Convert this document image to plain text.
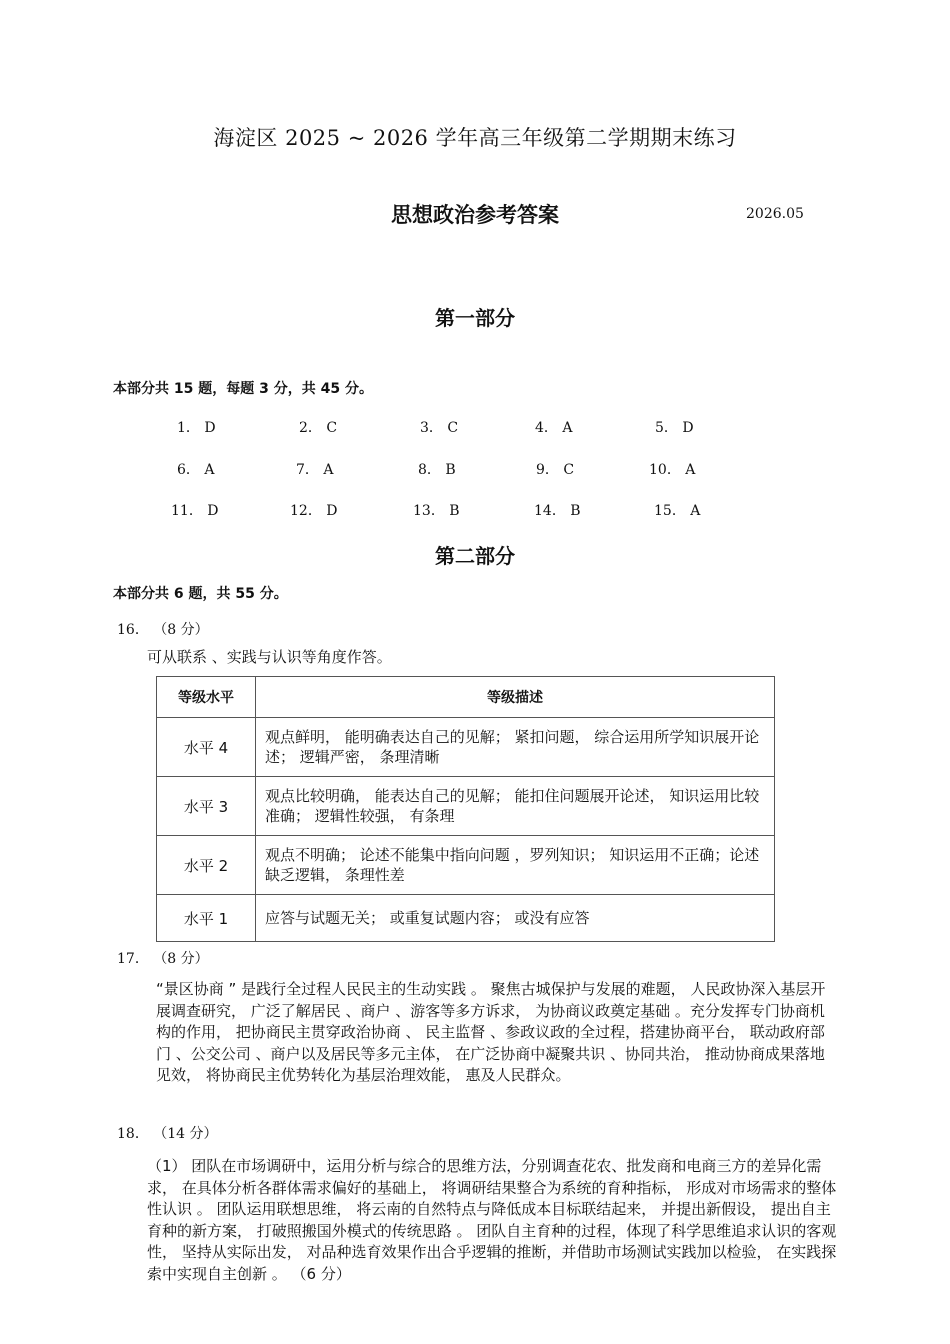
海淀区 2025 ~ 2026 学年高三年级第二学期期末练习
思想政治参考答案	2026.05
第一部分
本部分共 15 题，每题 3 分，共 45 分。
1． D	2． C	3． C	4． A	5． D
6． A	7． A	8． B	9． C	10． A
11． D	12． D	13． B	14． B	15． A
第二部分
本部分共 6 题，共 55 分。
16． （8 分）
可从联系 、实践与认识等角度作答。
等级水平	等级描述
水平 4	观点鲜明， 能明确表达自己的见解； 紧扣问题， 综合运用所学知识展开论述； 逻辑严密， 条理清晰
水平 3	观点比较明确， 能表达自己的见解； 能扣住问题展开论述， 知识运用比较准确； 逻辑性较强， 有条理
水平 2	观点不明确； 论述不能集中指向问题 ，罗列知识； 知识运用不正确；论述缺乏逻辑， 条理性差
水平 1	应答与试题无关； 或重复试题内容； 或没有应答
17． （8 分）
“景区协商 ” 是践行全过程人民民主的生动实践 。 聚焦古城保护与发展的难题， 人民政协深入基层开展调查研究， 广泛了解居民 、商户 、游客等多方诉求， 为协商议政奠定基础 。充分发挥专门协商机构的作用， 把协商民主贯穿政治协商 、 民主监督 、参政议政的全过程，搭建协商平台， 联动政府部门 、公交公司 、商户以及居民等多元主体， 在广泛协商中凝聚共识 、协同共治， 推动协商成果落地见效， 将协商民主优势转化为基层治理效能， 惠及人民群众。
18． （14 分）
（1） 团队在市场调研中，运用分析与综合的思维方法，分别调查花农、批发商和电商三方的差异化需求， 在具体分析各群体需求偏好的基础上， 将调研结果整合为系统的育种指标， 形成对市场需求的整体性认识 。 团队运用联想思维， 将云南的自然特点与降低成本目标联结起来， 并提出新假设， 提出自主育种的新方案， 打破照搬国外模式的传统思路 。 团队自主育种的过程，体现了科学思维追求认识的客观性， 坚持从实际出发， 对品种选育效果作出合乎逻辑的推断，并借助市场测试实践加以检验， 在实践探索中实现自主创新 。 （6 分）
